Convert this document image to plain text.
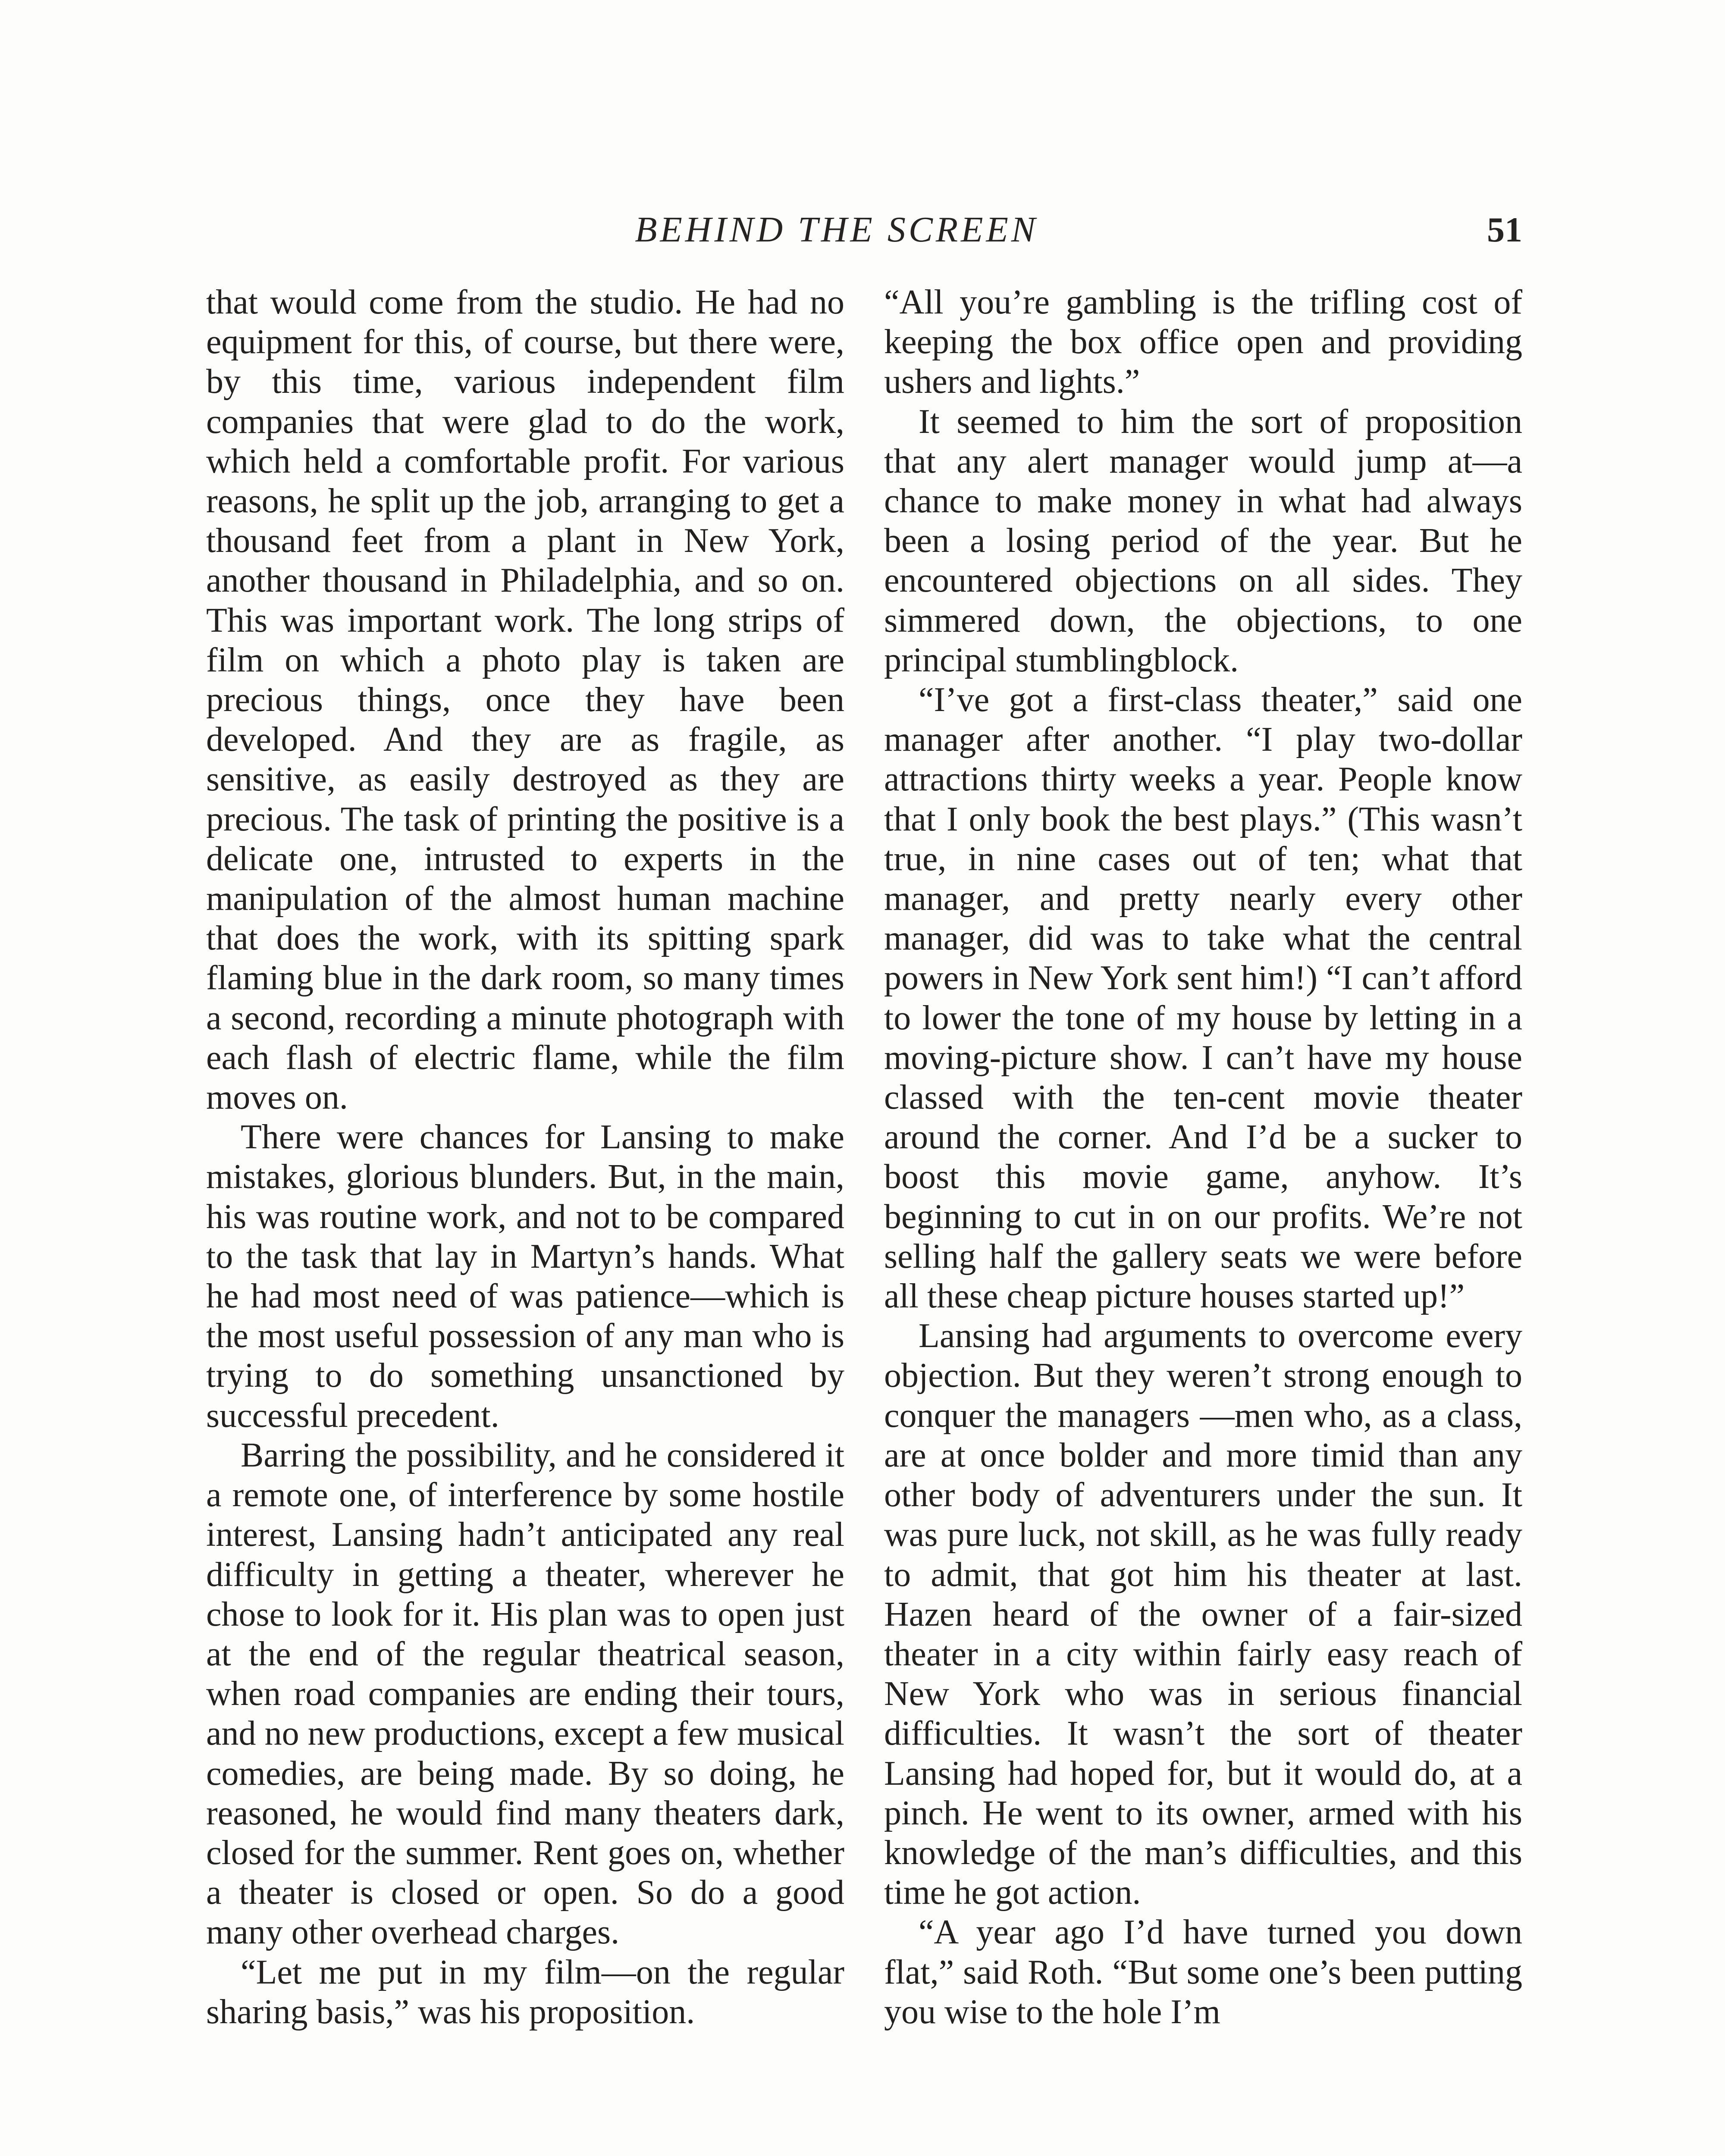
BEHIND THE SCREEN	51

that would come from the studio. He had no equipment for this, of course, but there were, by this time, various independent film companies that were glad to do the work, which held a comfortable profit. For various reasons, he split up the job, arranging to get a thousand feet from a plant in New York, another thousand in Philadelphia, and so on. This was important work. The long strips of film on which a photo play is taken are precious things, once they have been developed. And they are as fragile, as sensitive, as easily destroyed as they are precious. The task of printing the positive is a delicate one, intrusted to experts in the manipulation of the almost human machine that does the work, with its spitting spark flaming blue in the dark room, so many times a second, recording a minute photograph with each flash of electric flame, while the film moves on.

There were chances for Lansing to make mistakes, glorious blunders. But, in the main, his was routine work, and not to be compared to the task that lay in Martyn’s hands. What he had most need of was patience—which is the most useful possession of any man who is trying to do something unsanctioned by successful precedent.

Barring the possibility, and he considered it a remote one, of interference by some hostile interest, Lansing hadn’t anticipated any real difficulty in getting a theater, wherever he chose to look for it. His plan was to open just at the end of the regular theatrical season, when road companies are ending their tours, and no new productions, except a few musical comedies, are being made. By so doing, he reasoned, he would find many theaters dark, closed for the summer. Rent goes on, whether a theater is closed or open. So do a good many other overhead charges.

“Let me put in my film—on the regular sharing basis,” was his proposition.

“All you’re gambling is the trifling cost of keeping the box office open and providing ushers and lights.”

It seemed to him the sort of proposition that any alert manager would jump at—a chance to make money in what had always been a losing period of the year. But he encountered objections on all sides. They simmered down, the objections, to one principal stumblingblock.

“I’ve got a first-class theater,” said one manager after another. “I play two-dollar attractions thirty weeks a year. People know that I only book the best plays.” (This wasn’t true, in nine cases out of ten; what that manager, and pretty nearly every other manager, did was to take what the central powers in New York sent him!) “I can’t afford to lower the tone of my house by letting in a moving-picture show. I can’t have my house classed with the ten-cent movie theater around the corner. And I’d be a sucker to boost this movie game, anyhow. It’s beginning to cut in on our profits. We’re not selling half the gallery seats we were before all these cheap picture houses started up!”

Lansing had arguments to overcome every objection. But they weren’t strong enough to conquer the managers —men who, as a class, are at once bolder and more timid than any other body of adventurers under the sun. It was pure luck, not skill, as he was fully ready to admit, that got him his theater at last. Hazen heard of the owner of a fair-sized theater in a city within fairly easy reach of New York who was in serious financial difficulties. It wasn’t the sort of theater Lansing had hoped for, but it would do, at a pinch. He went to its owner, armed with his knowledge of the man’s difficulties, and this time he got action.

“A year ago I’d have turned you down flat,” said Roth. “But some one’s been putting you wise to the hole I’m
